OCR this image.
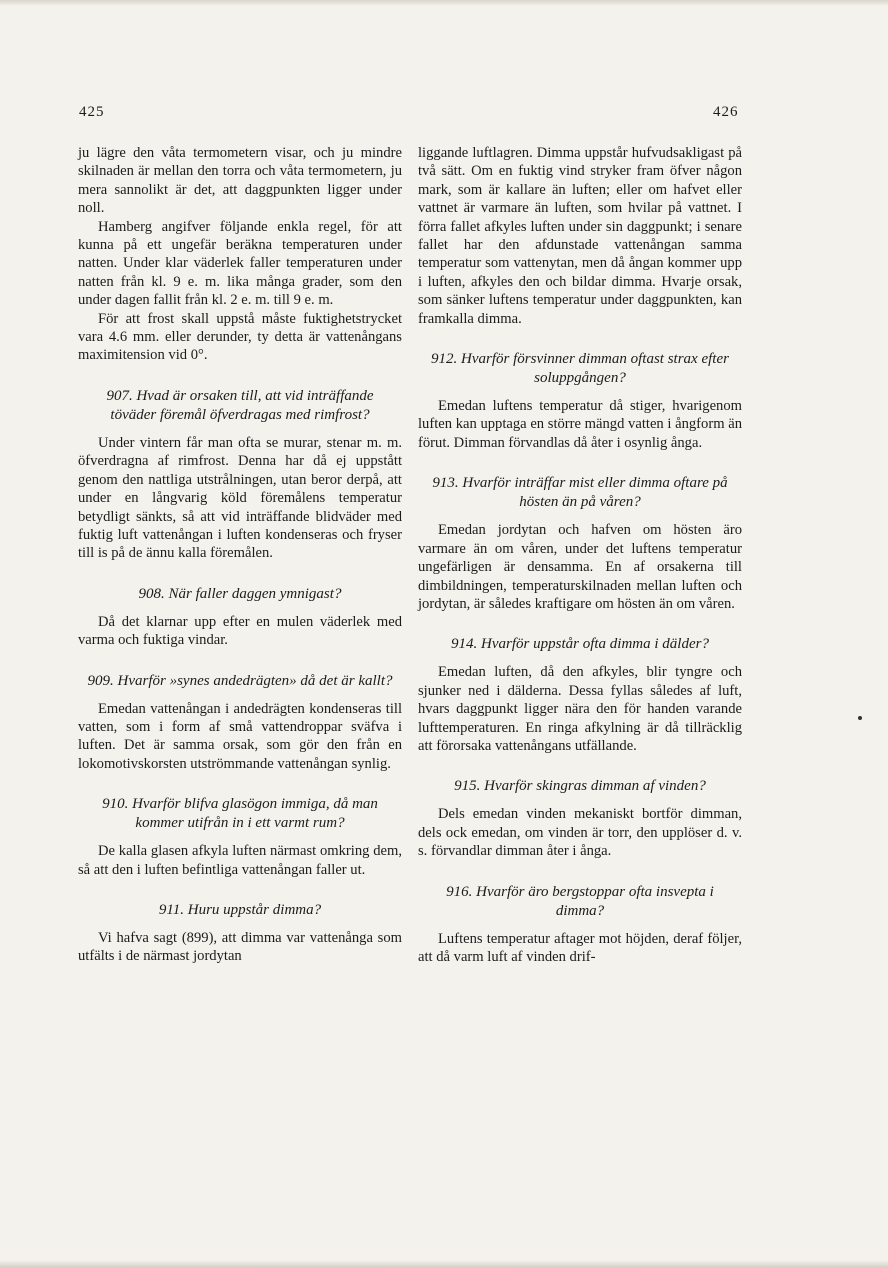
425	426

ju lägre den våta termometern visar, och ju mindre skilnaden är mellan den torra och våta termometern, ju mera sannolikt är det, att daggpunkten ligger under noll.

Hamberg angifver följande enkla regel, för att kunna på ett ungefär beräkna temperaturen under natten. Under klar väderlek faller temperaturen under natten från kl. 9 e. m. lika många grader, som den under dagen fallit från kl. 2 e. m. till 9 e. m.

För att frost skall uppstå måste fuktighetstrycket vara 4.6 mm. eller derunder, ty detta är vattenångans maximitension vid 0°.

907. Hvad är orsaken till, att vid inträffande töväder föremål öfverdragas med rimfrost?

Under vintern får man ofta se murar, stenar m. m. öfverdragna af rimfrost. Denna har då ej uppstått genom den nattliga utstrålningen, utan beror derpå, att under en långvarig köld föremålens temperatur betydligt sänkts, så att vid inträffande blidväder med fuktig luft vattenångan i luften kondenseras och fryser till is på de ännu kalla föremålen.

908. När faller daggen ymnigast?

Då det klarnar upp efter en mulen väderlek med varma och fuktiga vindar.

909. Hvarför »synes andedrägten» då det är kallt?

Emedan vattenångan i andedrägten kondenseras till vatten, som i form af små vattendroppar sväfva i luften. Det är samma orsak, som gör den från en lokomotivskorsten utströmmande vattenångan synlig.

910. Hvarför blifva glasögon immiga, då man kommer utifrån in i ett varmt rum?

De kalla glasen afkyla luften närmast omkring dem, så att den i luften befintliga vattenångan faller ut.

911. Huru uppstår dimma?

Vi hafva sagt (899), att dimma var vattenånga som utfälts i de närmast jordytan

liggande luftlagren. Dimma uppstår hufvudsakligast på två sätt. Om en fuktig vind stryker fram öfver någon mark, som är kallare än luften; eller om hafvet eller vattnet är varmare än luften, som hvilar på vattnet. I förra fallet afkyles luften under sin daggpunkt; i senare fallet har den afdunstade vattenångan samma temperatur som vattenytan, men då ångan kommer upp i luften, afkyles den och bildar dimma. Hvarje orsak, som sänker luftens temperatur under daggpunkten, kan framkalla dimma.

912. Hvarför försvinner dimman oftast strax efter soluppgången?

Emedan luftens temperatur då stiger, hvarigenom luften kan upptaga en större mängd vatten i ångform än förut. Dimman förvandlas då åter i osynlig ånga.

913. Hvarför inträffar mist eller dimma oftare på hösten än på våren?

Emedan jordytan och hafven om hösten äro varmare än om våren, under det luftens temperatur ungefärligen är densamma. En af orsakerna till dimbildningen, temperaturskilnaden mellan luften och jordytan, är således kraftigare om hösten än om våren.

914. Hvarför uppstår ofta dimma i dälder?

Emedan luften, då den afkyles, blir tyngre och sjunker ned i dälderna. Dessa fyllas således af luft, hvars daggpunkt ligger nära den för handen varande lufttemperaturen. En ringa afkylning är då tillräcklig att förorsaka vattenångans utfällande.

915. Hvarför skingras dimman af vinden?

Dels emedan vinden mekaniskt bortför dimman, dels ock emedan, om vinden är torr, den upplöser d. v. s. förvandlar dimman åter i ånga.

916. Hvarför äro bergstoppar ofta insvepta i dimma?

Luftens temperatur aftager mot höjden, deraf följer, att då varm luft af vinden drif-
